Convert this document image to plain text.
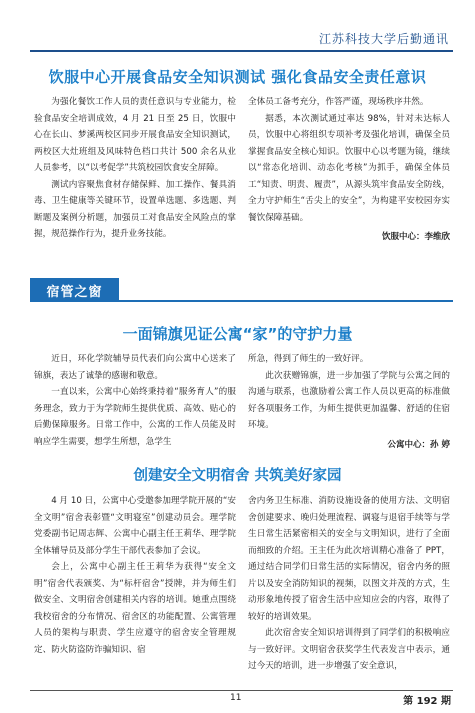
江苏科技大学后勤通讯
饮服中心开展食品安全知识测试 强化食品安全责任意识

为强化餐饮工作人员的责任意识与专业能力，检验食品安全培训成效，4 月 21 日至 25 日，饮服中心在长山、梦溪两校区同步开展食品安全知识测试，两校区大灶班组及风味特色档口共计 500 余名从业人员参考，以“以考促学”共筑校园饮食安全屏障。

测试内容聚焦食材存储保鲜、加工操作、餐具消毒、卫生健康等关键环节，设置单选题、多选题、判断题及案例分析题，加强员工对食品安全风险点的掌握，规范操作行为，提升业务技能。

全体员工备考充分，作答严谨，现场秩序井然。

据悉，本次测试通过率达 98%，针对未达标人员，饮服中心将组织专项补考及强化培训，确保全员掌握食品安全核心知识。饮服中心以考题为镜，继续以“常态化培训、动态化考核”为抓手，确保全体员工“知责、明责、履责”，从源头筑牢食品安全防线，全力守护师生“舌尖上的安全”，为构建平安校园夯实餐饮保障基础。

饮服中心：李维欣

宿管之窗
一面锦旗见证公寓“家”的守护力量

近日，环化学院辅导员代表们向公寓中心送来了锦旗，表达了诚挚的感谢和敬意。

一直以来，公寓中心始终秉持着“服务育人”的服务理念，致力于为学院师生提供优质、高效、贴心的后勤保障服务。日常工作中，公寓的工作人员能及时响应学生需要，想学生所想，急学生

所急，得到了师生的一致好评。

此次获赠锦旗，进一步加强了学院与公寓之间的沟通与联系，也激励着公寓工作人员以更高的标准做好各项服务工作，为师生提供更加温馨、舒适的住宿环境。

公寓中心：孙 婷

创建安全文明宿舍 共筑美好家园

4 月 10 日，公寓中心受邀参加理学院开展的“安全文明”宿舍表彰暨“文明寝室”创建动员会。理学院党委副书记周志辉、公寓中心副主任王莉华、理学院全体辅导员及部分学生干部代表参加了会议。

会上，公寓中心副主任王莉华为获得“安全文明”宿舍代表颁奖、为“标杆宿舍”授牌，并为师生们做安全、文明宿舍创建相关内容的培训。她重点围绕我校宿舍的分布情况、宿舍区的功能配置、公寓管理人员的架构与职责、学生应遵守的宿舍安全管理规定、防火防盗防诈骗知识、宿

舍内务卫生标准、消防设施设备的使用方法、文明宿舍创建要求、晚归处理流程、调寝与退宿手续等与学生日常生活紧密相关的安全与文明知识，进行了全面而细致的介绍。王主任为此次培训精心准备了 PPT，通过结合同学们日常生活的实际情况，宿舍内务的照片以及安全消防知识的视频，以图文并茂的方式，生动形象地传授了宿舍生活中应知应会的内容，取得了较好的培训效果。

此次宿舍安全知识培训得到了同学们的积极响应与一致好评。文明宿舍获奖学生代表发言中表示，通过今天的培训，进一步增强了安全意识，

11	第 192 期
